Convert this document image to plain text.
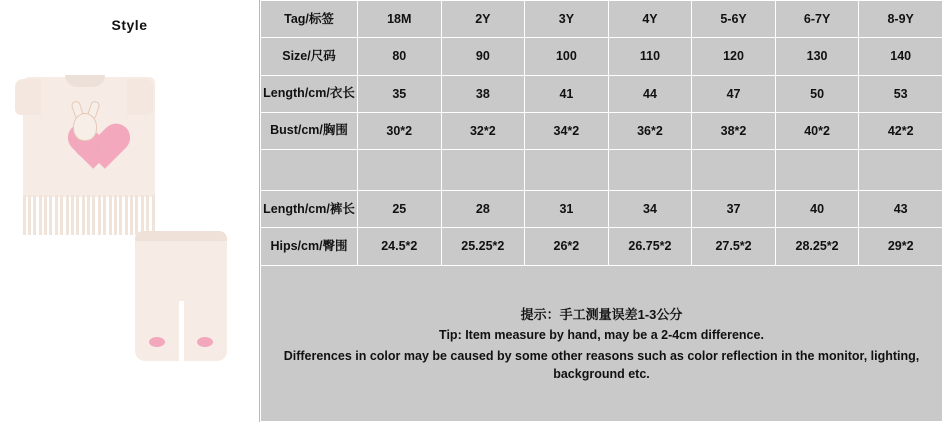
Style	Tag/标签	18M	2Y	3Y	4Y	5-6Y	6-7Y	8-9Y
Size/尺码	80	90	100	110	120	130	140
Length/cm/衣长	35	38	41	44	47	50	53
Bust/cm/胸围	30*2	32*2	34*2	36*2	38*2	40*2	42*2

Length/cm/裤长	25	28	31	34	37	40	43
Hips/cm/臀围	24.5*2	25.25*2	26*2	26.75*2	27.5*2	28.25*2	29*2

提示：手工测量误差1-3公分
Tip: Item measure by hand, may be a 2-4cm difference.
Differences in color may be caused by some other reasons such as color reflection in the monitor, lighting, background etc.							
